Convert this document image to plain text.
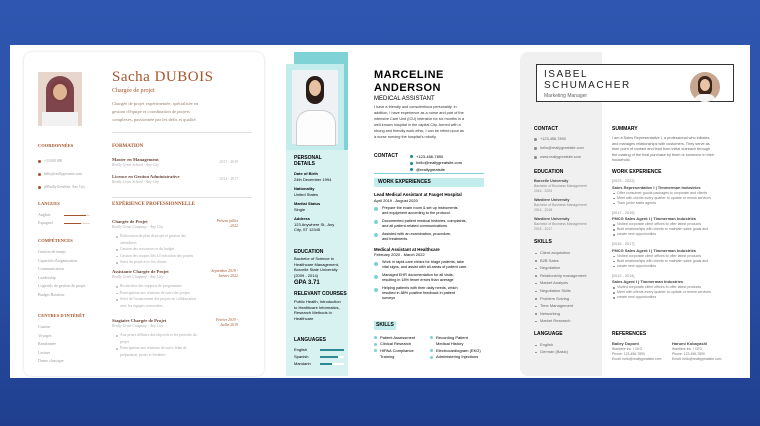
Sacha DUBOIS
Chargée de projet
COORDONNÉES
LANGUES
COMPÉTENCES
CENTRES D'INTÉRÊT
FORMATION
EXPÉRIENCE PROFESSIONNELLE
Chargée de projet expérimentée, spécialisée en
gestion d'équipe et coordination de projets
complexes, passionnée par les défis et qualité.
+33 000 000
hello@reallygreatsite.com
@ReallyGreatSite, Any City
Anglais
Espagnol
Gestion de temps
Capacités d'organisation
Communication
Leadership
Logiciels de gestion de projet
Budget Rotation
Cuisine
Voyages
Randonnée
Lecture
Danse classique
Master en Management
Really Great School - Any City
2017 - 2019
Licence en Gestion Administrative
Really Great School - Any City
2014 - 2017
Chargée de Projet
Really Great Company - Any City
Présent juillet
2022
Élaboration du plan de projet et gestion des
calendriers
Gestion des ressources et du budget
Gestion des risques liés à l'exécution des projets
Suivi du projet avec les clients
Assistante Chargée de Projet
Really Great Company - Any City
Septembre 2019 -
Janvier 2022
Recherches des supports de programmes
Participation aux réunions de suivi des projets
Suivi de l'avancement des projets en collaboration
avec les équipes concernées
Stagiaire Chargée de Projet
Really Great Company - Any City
Février 2019 -
Juillet 2019
Aux prises définies des objectifs et les priorités du
projet
Participation aux réunions de suivi, bilan de
préparation, pistes et livrables
PERSONAL
DETAILS
EDUCATION
GPA 3.71
RELEVANT COURSES
LANGUAGES
MARCELINE
ANDERSON
MEDICAL ASSISTANT
CONTACT
WORK EXPERIENCES
SKILLS
Date of Birth
24th December 1994
Nationality
United States
Marital Status
Single
Address
123 Anywhere St., Any
City, ST 12345
Bachelor of Science in
Healthcare Management,
Borcelle State University
(2009 - 2014)
Public Health, Introduction
to Healthcare Informatics,
Research Methods in
Healthcare
English
Spanish
Mandarin
I have a friendly and conscientious personality. In
addition, I have experience as a nurse and part of the
intensive Care Unit (ICU) intensive for six months in a
well-known hospital in the capital City. Armed with a
strong and friendly work ethic, I can be relied upon as
a nurse running the hospital's robotly.
+123-456-7890
hello@reallygreatsite.com
@reallygreatsite
Lead Medical Assistant at Fauget Hospital
April 2019 - August 2020
Prepare the exam room & set up instruments
and equipment according to the protocol.
Documented patient medical histories, complaints,
and all patient-related communications
Assisted with an examination, procedure,
and treatments
Medical Assistant at Healthcare
February 2020 - March 2022
Work in rapid-care clinics for triage patients, take
vital signs, and assist with all areas of patient care.
Managed EHR documentation for all visits,
resulting in 18% fewer errors than average
Helping patients with their daily needs, which
resulted in 88% positive feedback in patient
surveys
Patient Assessment	Recording Patient
Clinical Research	Medical History
HIPAA Compliance	Electrocardiogram (EKG)
Training	Administering Injections
ISABEL
SCHUMACHER
Marketing Manager
CONTACT
EDUCATION
SKILLS
LANGUAGE
SUMMARY
WORK EXPERIENCE
REFERENCES
+123-456-7890
hello@reallygreatsite.com
www.reallygreatsite.com
Borcelle University
Bachelor of Business Management
2014 - 2023
Wardiere University
Bachelor of Business Management
2014 - 2018
Wardiere University
Bachelor of Business Management
2015 - 2017
Client acquisition
B2B Sales
Negotiation
Relationship management
Market Analysis
Negotiation Skills
Problem Solving
Time Management
Networking
Market Research
English
German (Basic)
I am a Sales Representative I, a professional who initiates
and manages relationships with customers. They serve as
their point of contact and lead from initial outreach through
the making of the final purchase by them or someone in their
household.
[2023 - 2022]
Sales Representative I | Timmerman Industries
Offer consumer goods packages to corporate and clients
Meet with clients every quarter to update or renew services
Train junior sales agents
[2017 - 2019]
FMCG Sales Agent I | Timmerman Industries
Visited corporate client offices to offer latest products
Built relationships with clients to maintain sales goals and
create new opportunities
[2015 - 2017]
FMCG Sales Agent I | Timmerman Industries
Visited corporate client offices to offer latest products
Built relationships with clients to maintain sales goals and
create new opportunities
[2012 - 2014]
Sales Agent I | Timmerman Industries
Visited corporate client offices to offer latest products
Meet with clients every quarter to update or renew services
create new opportunities
Bailey Dupont
Wardiere Inc. / CEO
Phone: 123-456-7890
Email: hello@reallygreatsite.com
Harumi Kobayashi
Wardiere Inc. / CEO
Phone: 123-456-7890
Email: hello@reallygreatsite.com
